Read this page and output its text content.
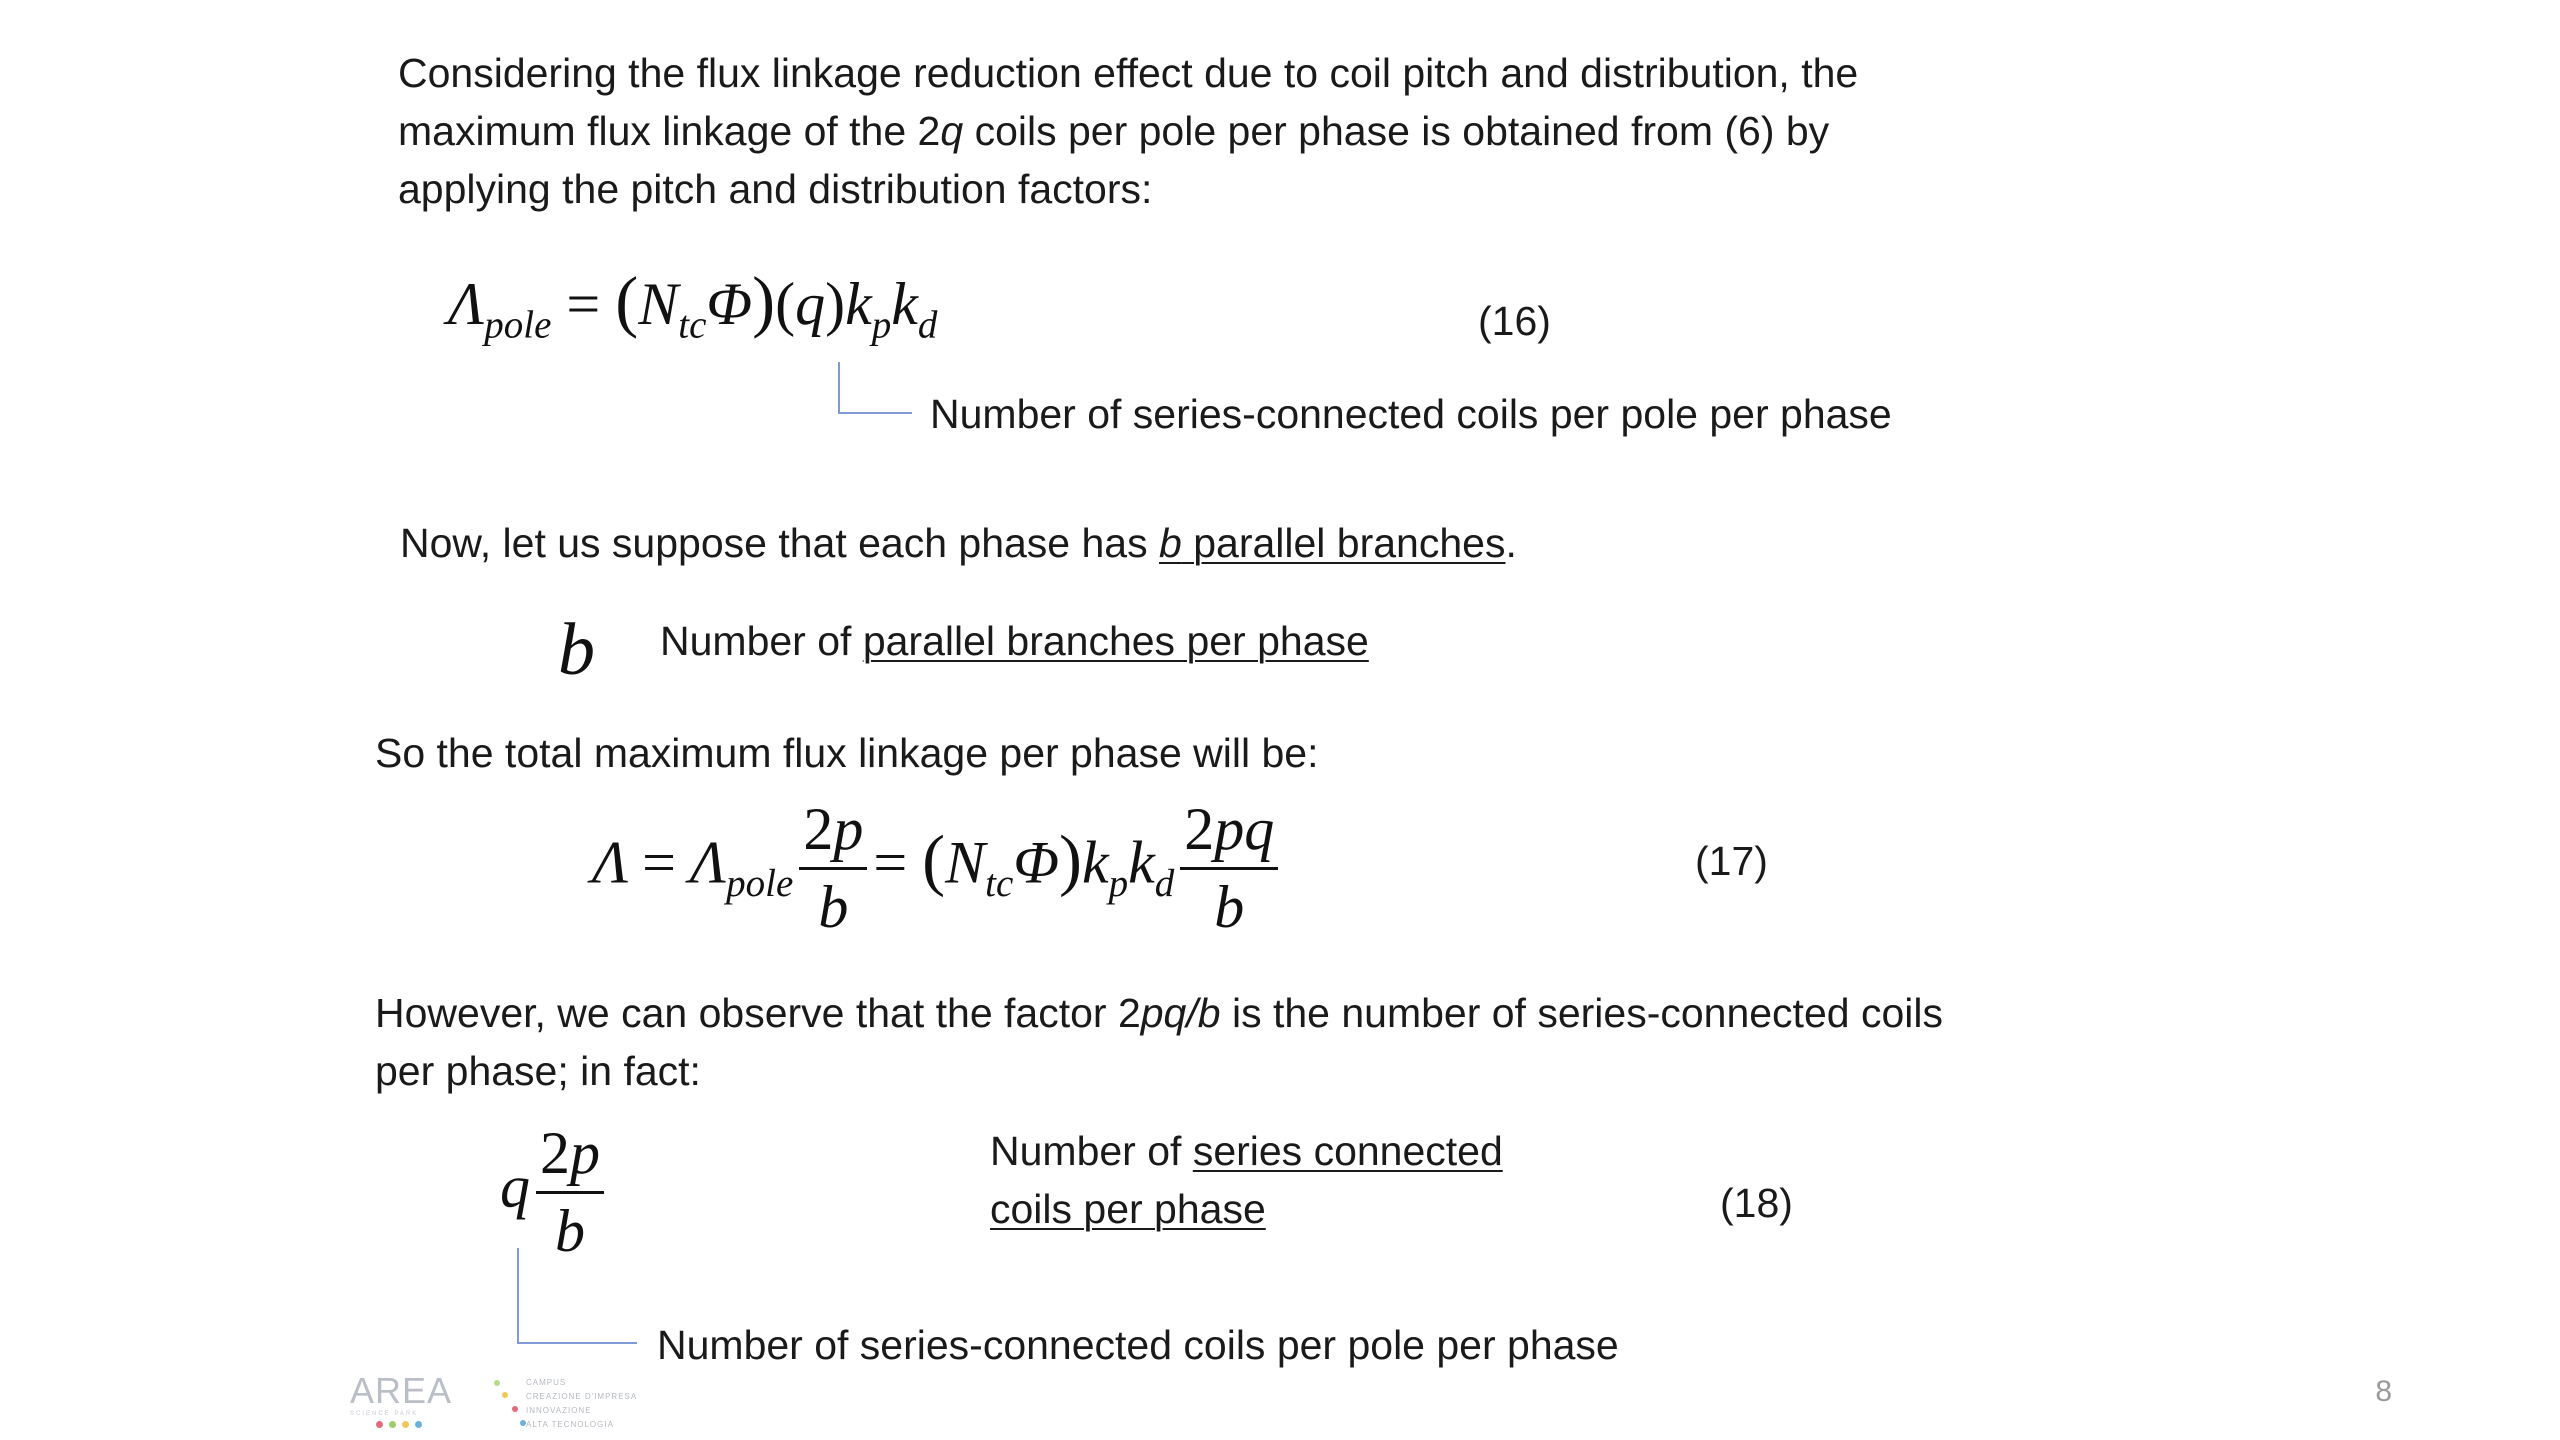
Considering the flux linkage reduction effect due to coil pitch and distribution, the
maximum flux linkage of the 2q coils per pole per phase is obtained from (6) by
applying the pitch and distribution factors:
$\Lambda_{pole} = (N_{tc}\Phi)(q)k_pk_d$	(16)
Number of series-connected coils per pole per phase
Now, let us suppose that each phase has b parallel branches.
b Number of parallel branches per phase
So the total maximum flux linkage per phase will be:
$\Lambda = \Lambda_{pole} \frac{2p}{b} = (N_{tc}\Phi)k_pk_d \frac{2pq}{b}$	(17)
However, we can observe that the factor 2pq/b is the number of series-connected coils
per phase; in fact:
q $\frac{2p}{b}$	Number of series connected
coils per phase	(18)
Number of series-connected coils per pole per phase
AREA
SCIENCE PARK
CAMPUS
CREAZIONE D'IMPRESA
INNOVAZIONE
ALTA TECNOLOGIA
8
